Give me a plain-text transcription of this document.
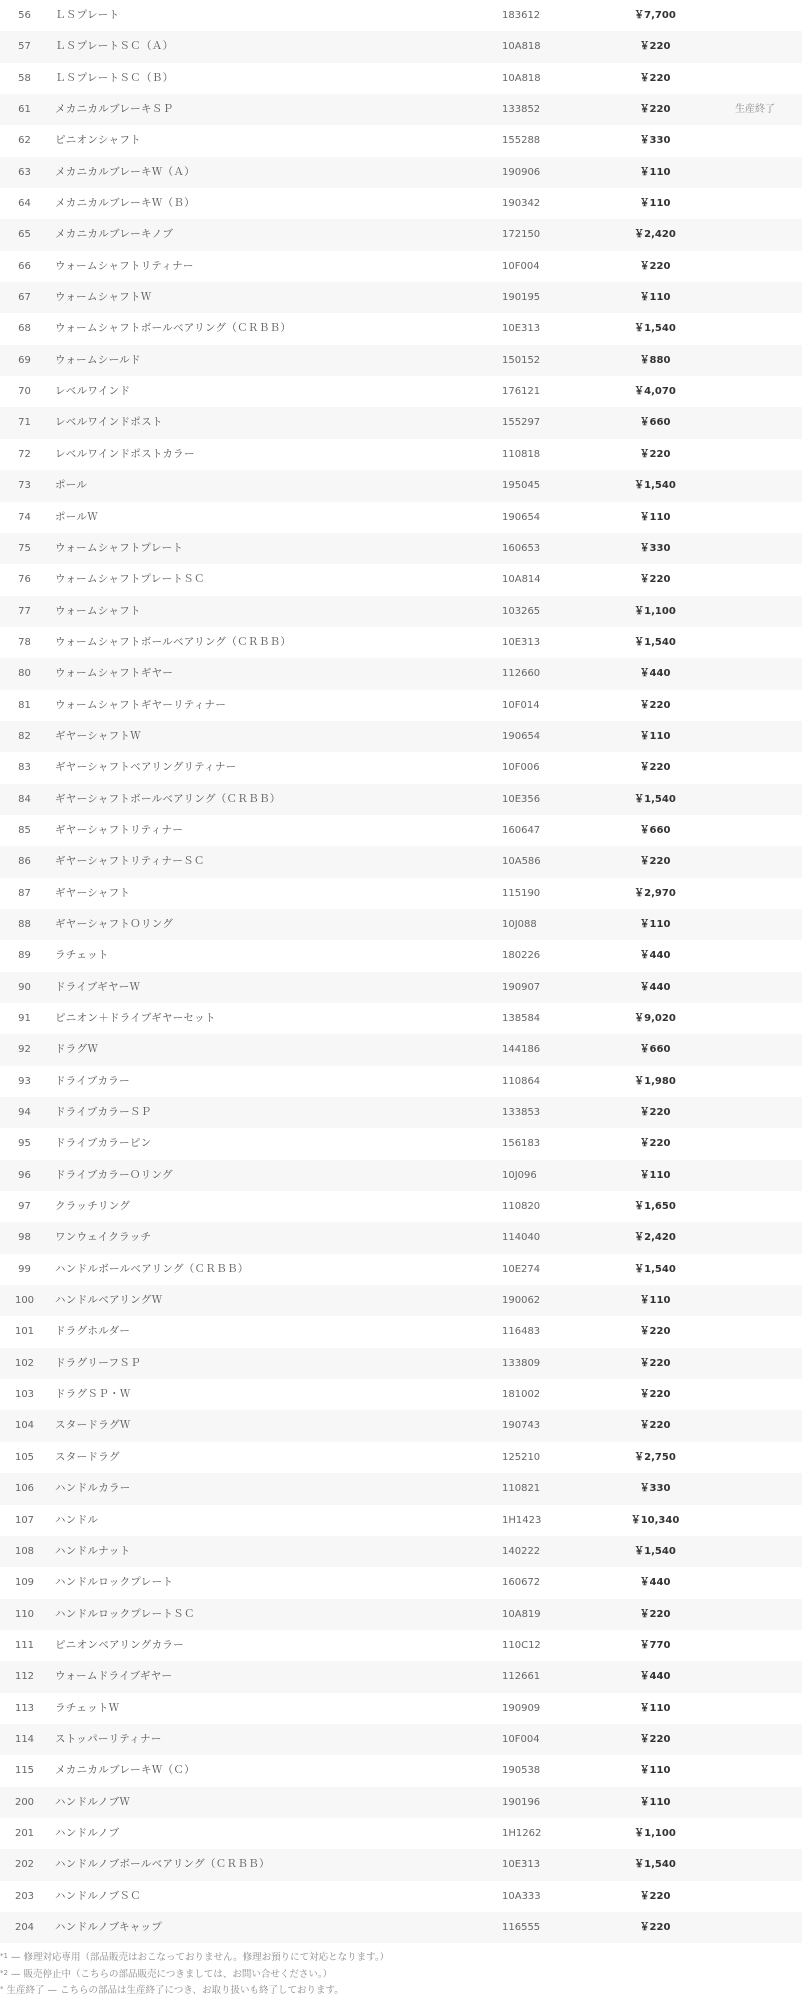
56	ＬＳプレート	183612	￥7,700
57	ＬＳプレートＳＣ（Ａ）	10A818	￥220
58	ＬＳプレートＳＣ（Ｂ）	10A818	￥220
61	メカニカルブレーキＳＰ	133852	￥220	生産終了
62	ピニオンシャフト	155288	￥330
63	メカニカルブレーキＷ（Ａ）	190906	￥110
64	メカニカルブレーキＷ（Ｂ）	190342	￥110
65	メカニカルブレーキノブ	172150	￥2,420
66	ウォームシャフトリティナー	10F004	￥220
67	ウォームシャフトＷ	190195	￥110
68	ウォームシャフトボールベアリング（ＣＲＢＢ）	10E313	￥1,540
69	ウォームシールド	150152	￥880
70	レベルワインド	176121	￥4,070
71	レベルワインドポスト	155297	￥660
72	レベルワインドポストカラー	110818	￥220
73	ポール	195045	￥1,540
74	ポールＷ	190654	￥110
75	ウォームシャフトプレート	160653	￥330
76	ウォームシャフトプレートＳＣ	10A814	￥220
77	ウォームシャフト	103265	￥1,100
78	ウォームシャフトボールベアリング（ＣＲＢＢ）	10E313	￥1,540
80	ウォームシャフトギヤー	112660	￥440
81	ウォームシャフトギヤーリティナー	10F014	￥220
82	ギヤーシャフトＷ	190654	￥110
83	ギヤーシャフトベアリングリティナー	10F006	￥220
84	ギヤーシャフトボールベアリング（ＣＲＢＢ）	10E356	￥1,540
85	ギヤーシャフトリティナー	160647	￥660
86	ギヤーシャフトリティナーＳＣ	10A586	￥220
87	ギヤーシャフト	115190	￥2,970
88	ギヤーシャフトＯリング	10J088	￥110
89	ラチェット	180226	￥440
90	ドライブギヤーＷ	190907	￥440
91	ピニオン＋ドライブギヤーセット	138584	￥9,020
92	ドラグＷ	144186	￥660
93	ドライブカラー	110864	￥1,980
94	ドライブカラーＳＰ	133853	￥220
95	ドライブカラーピン	156183	￥220
96	ドライブカラーＯリング	10J096	￥110
97	クラッチリング	110820	￥1,650
98	ワンウェイクラッチ	114040	￥2,420
99	ハンドルボールベアリング（ＣＲＢＢ）	10E274	￥1,540
100	ハンドルベアリングＷ	190062	￥110
101	ドラグホルダー	116483	￥220
102	ドラグリーフＳＰ	133809	￥220
103	ドラグＳＰ・Ｗ	181002	￥220
104	スタードラグＷ	190743	￥220
105	スタードラグ	125210	￥2,750
106	ハンドルカラー	110821	￥330
107	ハンドル	1H1423	￥10,340
108	ハンドルナット	140222	￥1,540
109	ハンドルロックプレート	160672	￥440
110	ハンドルロックプレートＳＣ	10A819	￥220
111	ピニオンベアリングカラー	110C12	￥770
112	ウォームドライブギヤー	112661	￥440
113	ラチェットＷ	190909	￥110
114	ストッパーリティナー	10F004	￥220
115	メカニカルブレーキＷ（Ｃ）	190538	￥110
200	ハンドルノブＷ	190196	￥110
201	ハンドルノブ	1H1262	￥1,100
202	ハンドルノブボールベアリング（ＣＲＢＢ）	10E313	￥1,540
203	ハンドルノブＳＣ	10A333	￥220
204	ハンドルノブキャップ	116555	￥220
$^{*1}$ — 修理対応専用（部品販売はおこなっておりません。修理お預りにて対応となります。）
$^{*2}$ — 販売停止中（こちらの部品販売につきましては、お問い合せください。）
* 生産終了 — こちらの部品は生産終了につき、お取り扱いも終了しております。
